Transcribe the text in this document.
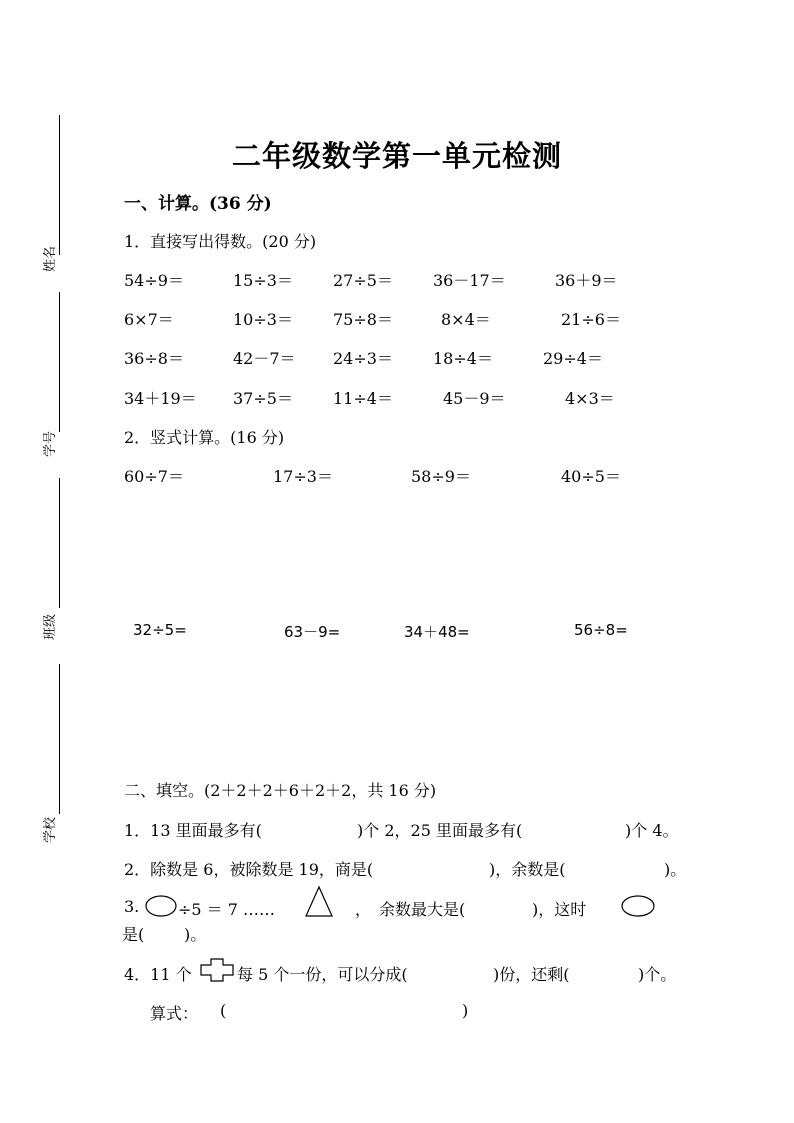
姓名
学号
班级
学校
二年级数学第一单元检测
一、计算。(36 分)
1．直接写出得数。(20 分)
54÷9＝	15÷3＝	27÷5＝	36－17＝	36＋9＝
6×7＝	10÷3＝	75÷8＝	8×4＝	21÷6＝
36÷8＝	42－7＝ 24÷3＝	18÷4＝	29÷4＝
34＋19＝ 37÷5＝	11÷4＝	45－9＝	4×3＝
2．竖式计算。(16 分)
60÷7＝	17÷3＝	58÷9＝	40÷5＝
32÷5=	63－9=	34＋48=	56÷8=
二、填空。(2＋2＋2＋6＋2＋2，共 16 分)
1．13 里面最多有(	)个 2，25 里面最多有(	)个 4。
2．除数是 6，被除数是 19，商是(	)，余数是(	)。
3. ÷5 ＝ 7 ……	，　余数最大是(	)，这时
是( )。
4．11 个	每 5 个一份，可以分成(	)份，还剩(	)个。
算式： (	)
